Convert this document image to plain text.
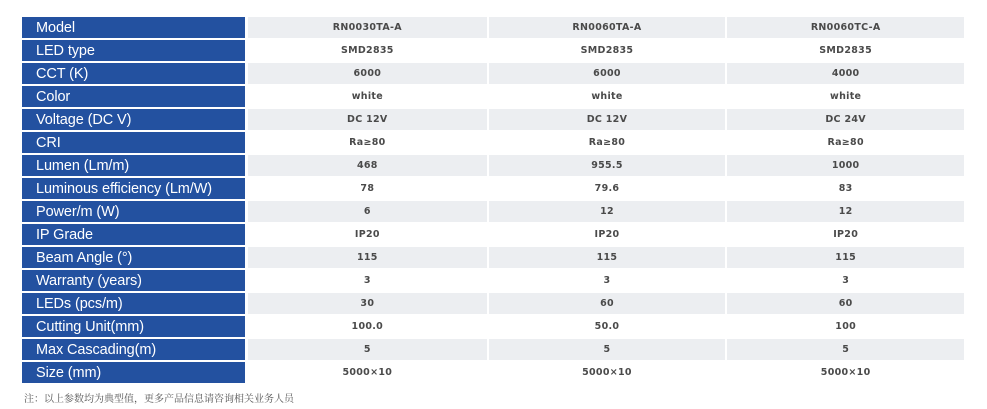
Model	RN0030TA-A	RN0060TA-A	RN0060TC-A
LED type	SMD2835	SMD2835	SMD2835
CCT (K)	6000	6000	4000
Color	white	white	white
Voltage (DC V)	DC 12V	DC 12V	DC 24V
CRI	Ra≥80	Ra≥80	Ra≥80
Lumen (Lm/m)	468	955.5	1000
Luminous efficiency (Lm/W)	78	79.6	83
Power/m (W)	6	12	12
IP Grade	IP20	IP20	IP20
Beam Angle (°)	115	115	115
Warranty (years)	3	3	3
LEDs (pcs/m)	30	60	60
Cutting Unit(mm)	100.0	50.0	100
Max Cascading(m)	5	5	5
Size (mm)	5000×10	5000×10	5000×10
注：以上参数均为典型值，更多产品信息请咨询相关业务人员
